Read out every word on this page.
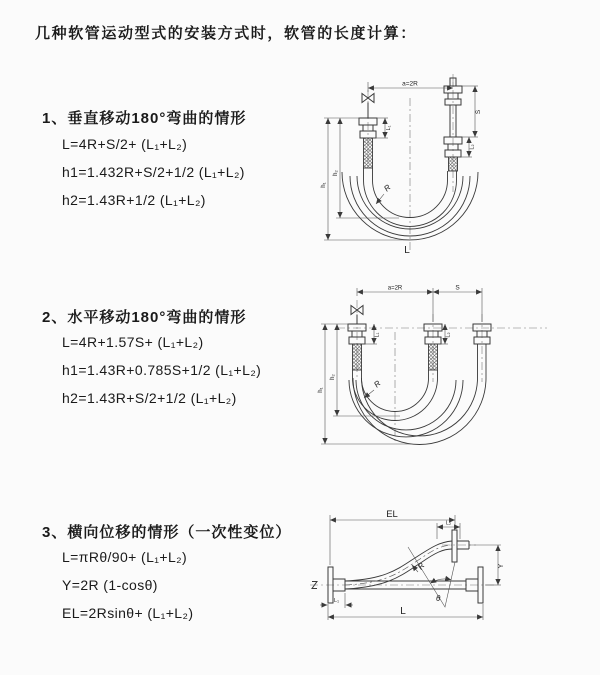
几种软管运动型式的安装方式时，软管的长度计算：
1、垂直移动180°弯曲的情形
L=4R+S/2+ (L₁+L₂)
h1=1.432R+S/2+1/2 (L₁+L₂)
h2=1.43R+1/2 (L₁+L₂)
2、水平移动180°弯曲的情形
L=4R+1.57S+ (L₁+L₂)
h1=1.43R+0.785S+1/2 (L₁+L₂)
h2=1.43R+S/2+1/2 (L₁+L₂)
3、横向位移的情形（一次性变位）
L=πRθ/90+ (L₁+L₂)
Y=2R (1-cosθ)
EL=2Rsinθ+ (L₁+L₂)
a=2R
S
L₂
L₁
h₁
h₂
R
L
a=2R	S
L₁	L₂
h₁
h₂
R
θ
R
EL
L₂
Y
L₁
L
